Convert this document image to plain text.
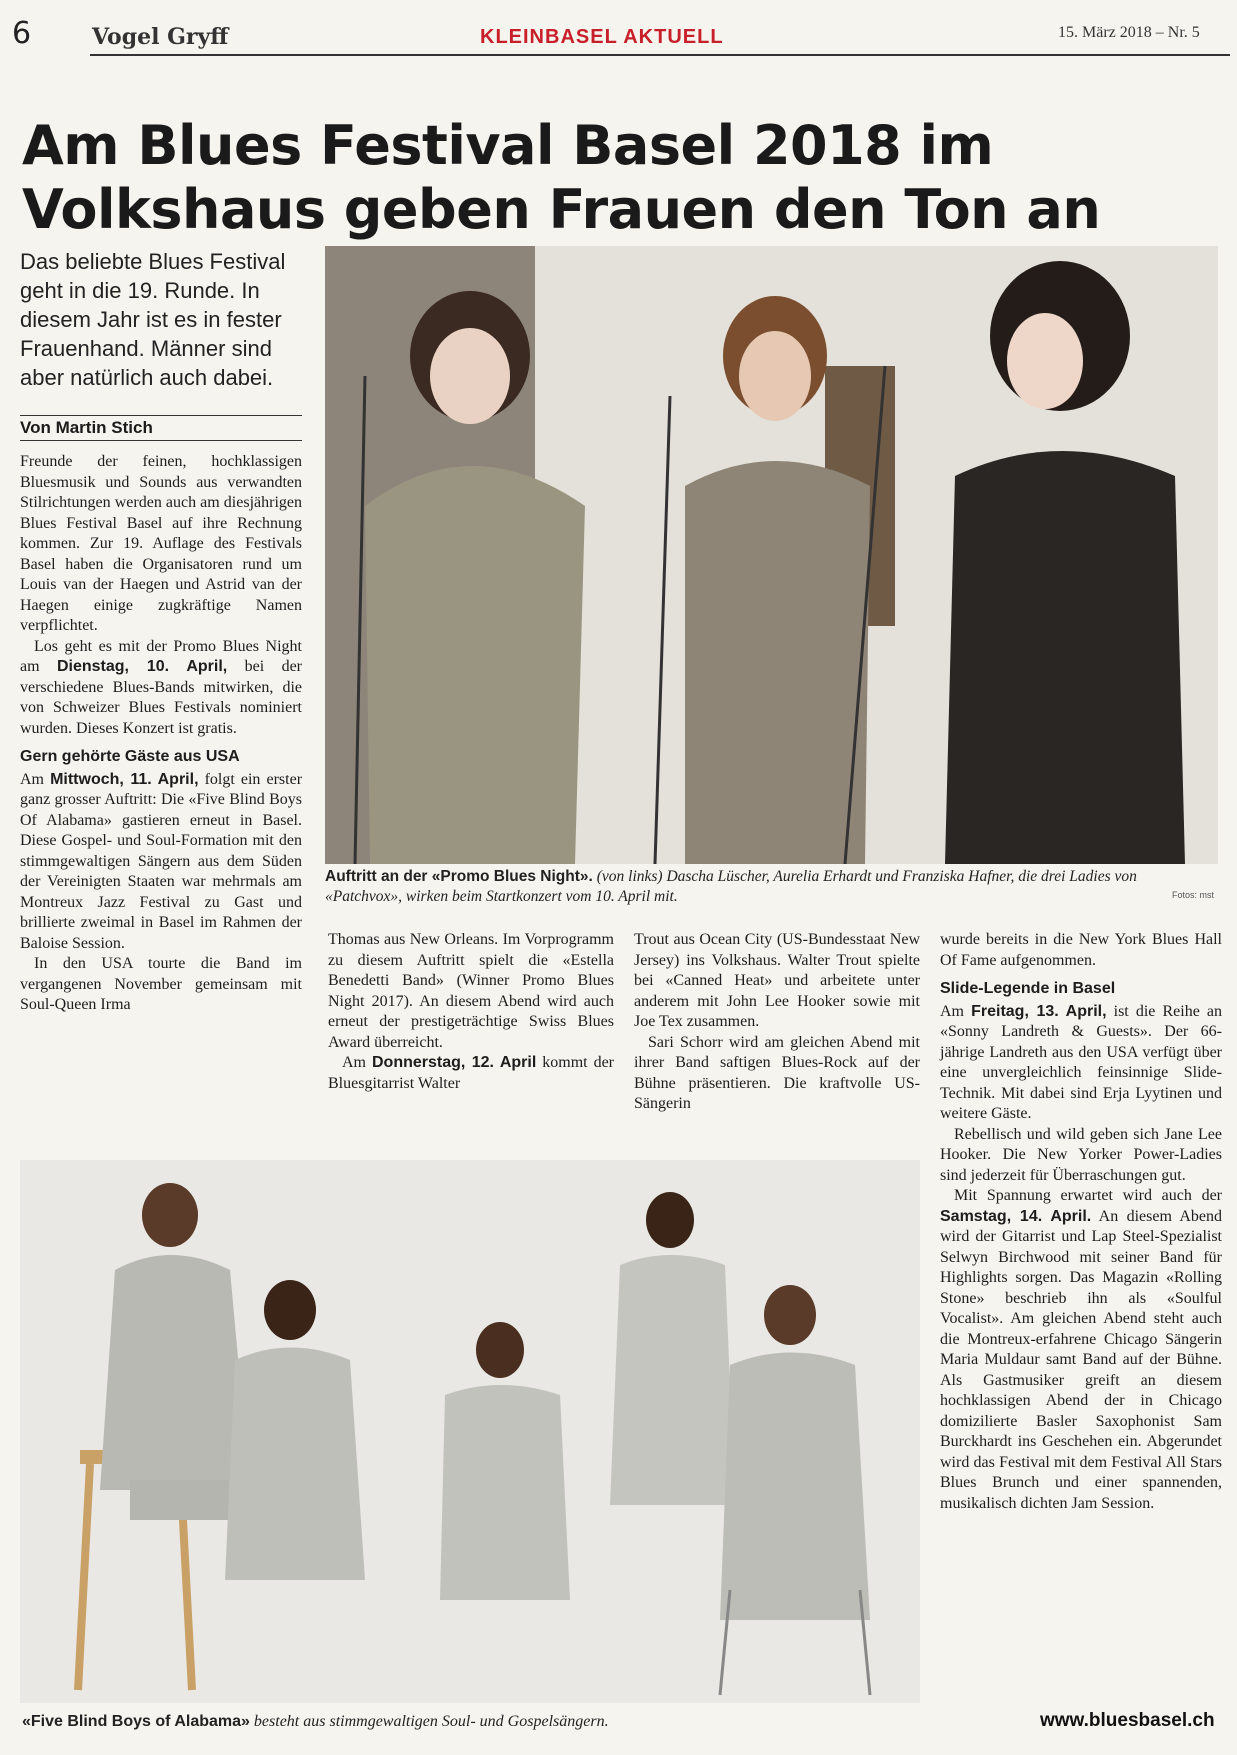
6	Vogel Gryff	KLEINBASEL AKTUELL	15. März 2018 – Nr. 5
Am Blues Festival Basel 2018 im
Volkshaus geben Frauen den Ton an
Das beliebte Blues Festival geht in die 19. Runde. In diesem Jahr ist es in fester Frauenhand. Männer sind aber natürlich auch dabei.
Von Martin Stich

Freunde der feinen, hochklassigen Bluesmusik und Sounds aus verwandten Stilrichtungen werden auch am diesjährigen Blues Festival Basel auf ihre Rechnung kommen. Zur 19. Auflage des Festivals Basel haben die Organisatoren rund um Louis van der Haegen und Astrid van der Haegen einige zugkräftige Namen verpflichtet.

Los geht es mit der Promo Blues Night am Dienstag, 10. April, bei der verschiedene Blues-Bands mitwirken, die von Schweizer Blues Festivals nominiert wurden. Dieses Konzert ist gratis.

Gern gehörte Gäste aus USA

Am Mittwoch, 11. April, folgt ein erster ganz grosser Auftritt: Die «Five Blind Boys Of Alabama» gastieren erneut in Basel. Diese Gospel- und Soul-Formation mit den stimmgewaltigen Sängern aus dem Süden der Vereinigten Staaten war mehrmals am Montreux Jazz Festival zu Gast und brillierte zweimal in Basel im Rahmen der Baloise Session.

In den USA tourte die Band im vergangenen November gemeinsam mit Soul-Queen Irma

Auftritt an der «Promo Blues Night». (von links) Dascha Lüscher, Aurelia Erhardt und Franziska Hafner, die drei Ladies von «Patchvox», wirken beim Startkonzert vom 10. April mit.	Fotos: mst

Thomas aus New Orleans. Im Vorprogramm zu diesem Auftritt spielt die «Estella Benedetti Band» (Winner Promo Blues Night 2017). An diesem Abend wird auch erneut der prestigeträchtige Swiss Blues Award überreicht.

Am Donnerstag, 12. April kommt der Bluesgitarrist Walter

Trout aus Ocean City (US-Bundesstaat New Jersey) ins Volkshaus. Walter Trout spielte bei «Canned Heat» und arbeitete unter anderem mit John Lee Hooker sowie mit Joe Tex zusammen.

Sari Schorr wird am gleichen Abend mit ihrer Band saftigen Blues-Rock auf der Bühne präsentieren. Die kraftvolle US-Sängerin

wurde bereits in die New York Blues Hall Of Fame aufgenommen.

Slide-Legende in Basel

Am Freitag, 13. April, ist die Reihe an «Sonny Landreth & Guests». Der 66-jährige Landreth aus den USA verfügt über eine unvergleichlich feinsinnige Slide-Technik. Mit dabei sind Erja Lyytinen und weitere Gäste.

Rebellisch und wild geben sich Jane Lee Hooker. Die New Yorker Power-Ladies sind jederzeit für Überraschungen gut.

Mit Spannung erwartet wird auch der Samstag, 14. April. An diesem Abend wird der Gitarrist und Lap Steel-Spezialist Selwyn Birchwood mit seiner Band für Highlights sorgen. Das Magazin «Rolling Stone» beschrieb ihn als «Soulful Vocalist». Am gleichen Abend steht auch die Montreux-erfahrene Chicago Sängerin Maria Muldaur samt Band auf der Bühne. Als Gastmusiker greift an diesem hochklassigen Abend der in Chicago domizilierte Basler Saxophonist Sam Burckhardt ins Geschehen ein. Abgerundet wird das Festival mit dem Festival All Stars Blues Brunch und einer spannenden, musikalisch dichten Jam Session.

«Five Blind Boys of Alabama» besteht aus stimmgewaltigen Soul- und Gospelsängern.	www.bluesbasel.ch
